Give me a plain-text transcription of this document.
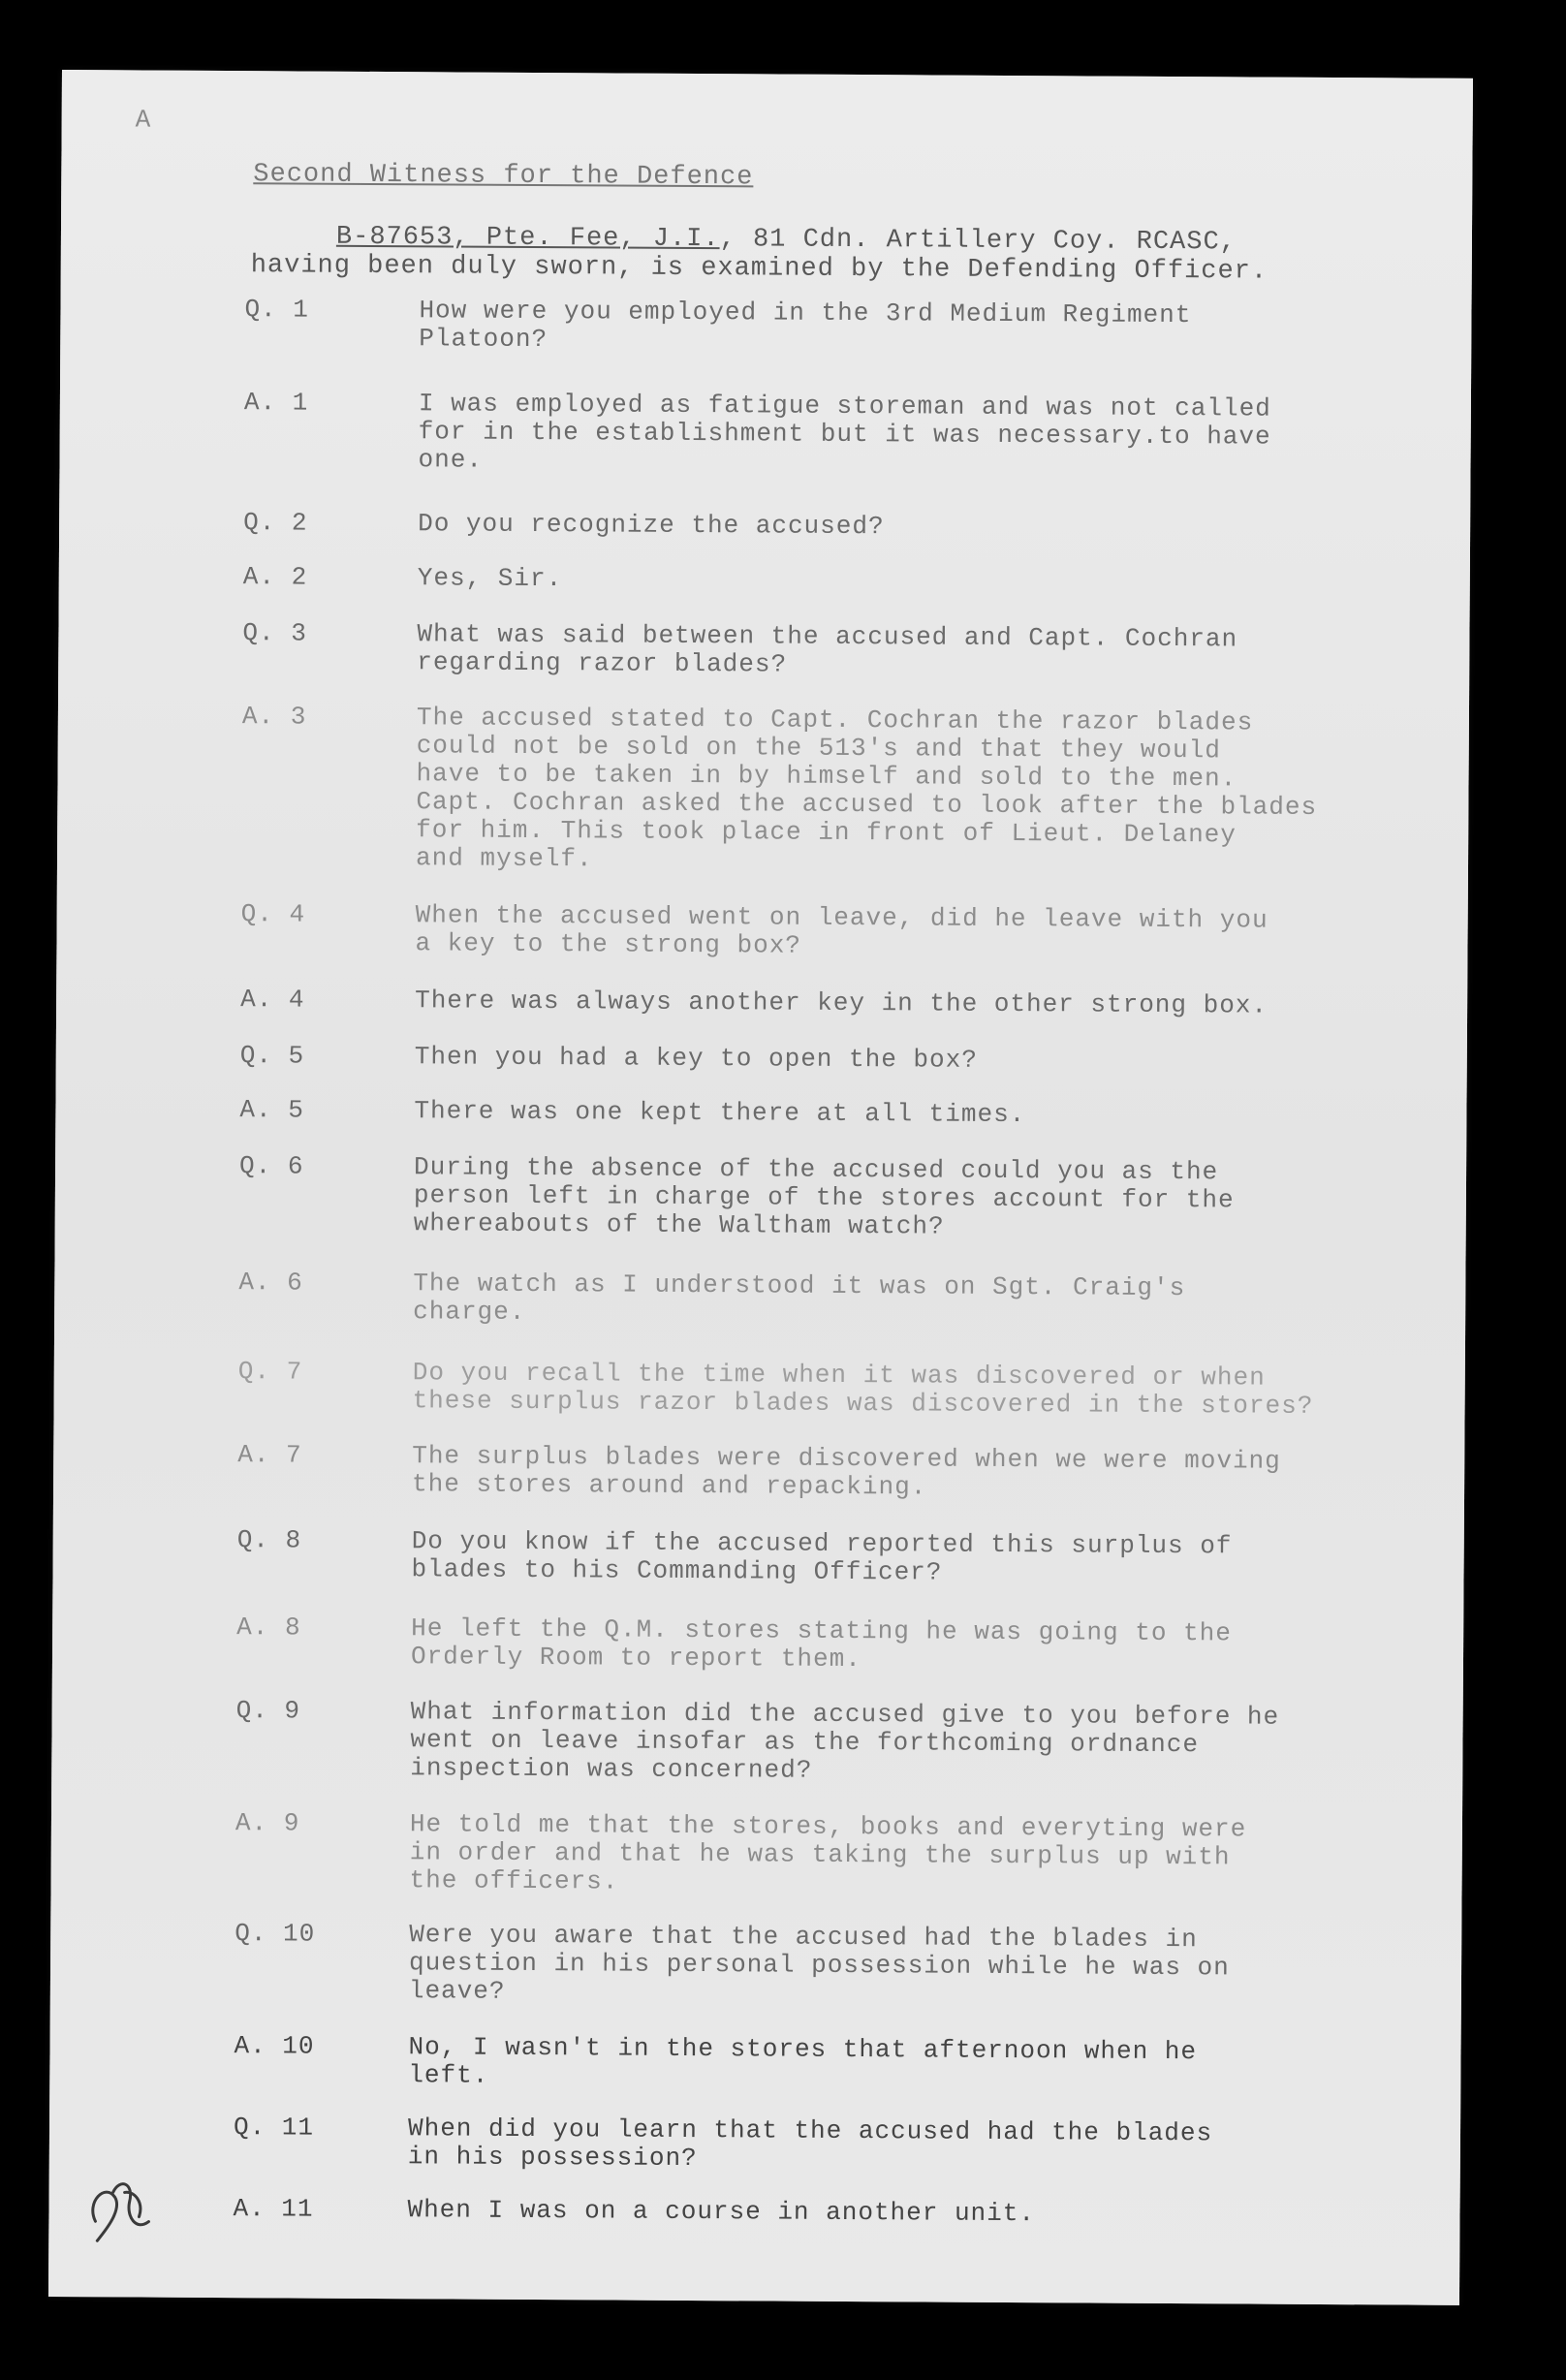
A
Second Witness for the Defence
B-87653, Pte. Fee, J.I., 81 Cdn. Artillery Coy. RCASC,
having been duly sworn, is examined by the Defending Officer.
Q. 1	How were you employed in the 3rd Medium Regiment
Platoon?
A. 1	I was employed as fatigue storeman and was not called
for in the establishment but it was necessary.to have
one.
Q. 2	Do you recognize the accused?
A. 2	Yes, Sir.
Q. 3	What was said between the accused and Capt. Cochran
regarding razor blades?
A. 3	The accused stated to Capt. Cochran the razor blades
could not be sold on the 513's and that they would
have to be taken in by himself and sold to the men.
Capt. Cochran asked the accused to look after the blades
for him. This took place in front of Lieut. Delaney
and myself.
Q. 4	When the accused went on leave, did he leave with you
a key to the strong box?
A. 4	There was always another key in the other strong box.
Q. 5	Then you had a key to open the box?
A. 5	There was one kept there at all times.
Q. 6	During the absence of the accused could you as the
person left in charge of the stores account for the
whereabouts of the Waltham watch?
A. 6	The watch as I understood it was on Sgt. Craig's
charge.
Q. 7	Do you recall the time when it was discovered or when
these surplus razor blades was discovered in the stores?
A. 7	The surplus blades were discovered when we were moving
the stores around and repacking.
Q. 8	Do you know if the accused reported this surplus of
blades to his Commanding Officer?
A. 8	He left the Q.M. stores stating he was going to the
Orderly Room to report them.
Q. 9	What information did the accused give to you before he
went on leave insofar as the forthcoming ordnance
inspection was concerned?
A. 9	He told me that the stores, books and everyting were
in order and that he was taking the surplus up with
the officers.
Q. 10	Were you aware that the accused had the blades in
question in his personal possession while he was on
leave?
A. 10	No, I wasn't in the stores that afternoon when he
left.
Q. 11	When did you learn that the accused had the blades
in his possession?
A. 11	When I was on a course in another unit.
